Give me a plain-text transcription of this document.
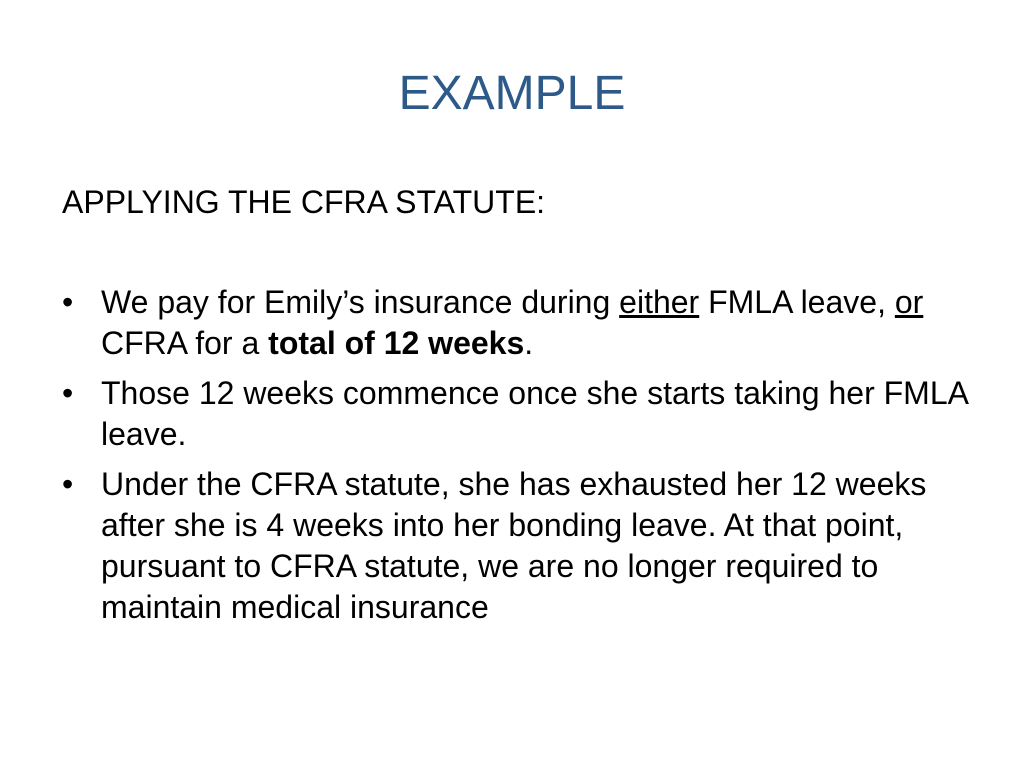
EXAMPLE

APPLYING THE CFRA STATUTE:

• We pay for Emily’s insurance during either FMLA leave, or CFRA for a total of 12 weeks.
• Those 12 weeks commence once she starts taking her FMLA leave.
• Under the CFRA statute, she has exhausted her 12 weeks after she is 4 weeks into her bonding leave. At that point, pursuant to CFRA statute, we are no longer required to maintain medical insurance
